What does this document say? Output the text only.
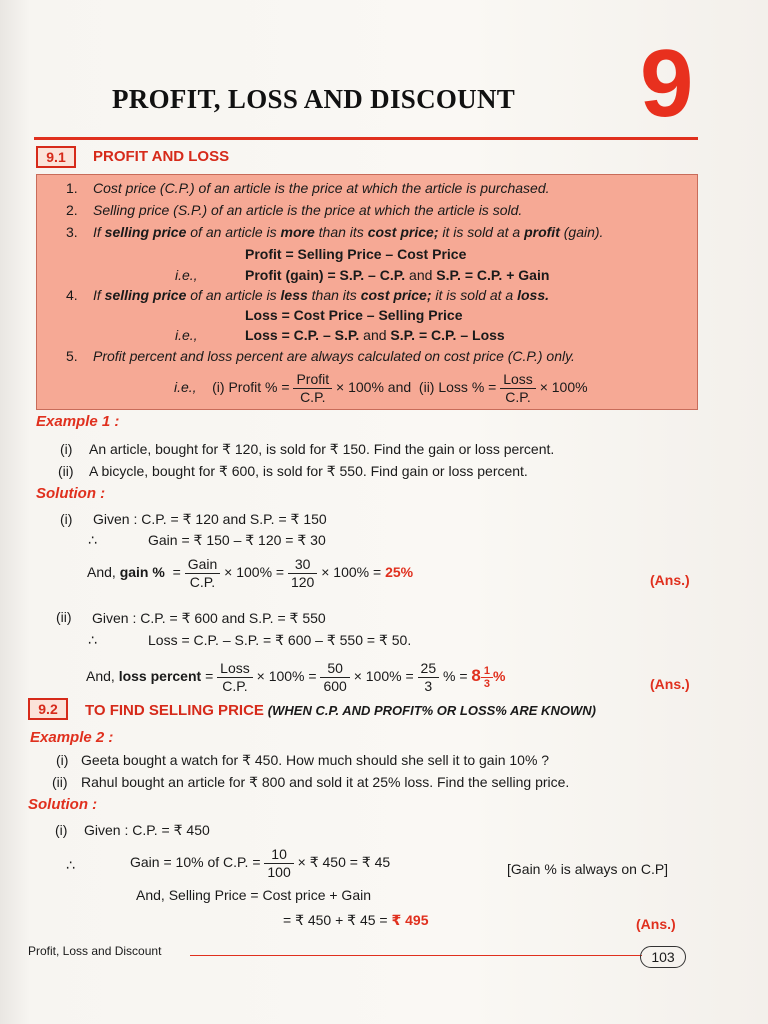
PROFIT, LOSS AND DISCOUNT 9
9.1	PROFIT AND LOSS
1. Cost price (C.P.) of an article is the price at which the article is purchased.
2. Selling price (S.P.) of an article is the price at which the article is sold.
3. If selling price of an article is more than its cost price; it is sold at a profit (gain).
Profit = Selling Price – Cost Price
i.e.,	Profit (gain) = S.P. – C.P. and S.P. = C.P. + Gain
4. If selling price of an article is less than its cost price; it is sold at a loss.
Loss = Cost Price – Selling Price
i.e.,	Loss = C.P. – S.P. and S.P. = C.P. – Loss
5. Profit percent and loss percent are always calculated on cost price (C.P.) only.
i.e., (i) Profit % = $\frac{\text{Profit}}{C.P.} \times 100\%$ and (ii) Loss % = $\frac{\text{Loss}}{C.P.} \times 100\%$
Example 1 :
(i) An article, bought for ₹ 120, is sold for ₹ 150. Find the gain or loss percent.
(ii) A bicycle, bought for ₹ 600, is sold for ₹ 550. Find gain or loss percent.
Solution :
(i) Given : C.P. = ₹ 120 and S.P. = ₹ 150
∴	Gain = ₹ 150 – ₹ 120 = ₹ 30
And, gain % = $\frac{\text{Gain}}{C.P.} \times 100\% = \frac{30}{120} \times 100\% = 25\%$	(Ans.)
(ii) Given : C.P. = ₹ 600 and S.P. = ₹ 550
∴	Loss = C.P. – S.P. = ₹ 600 – ₹ 550 = ₹ 50.
And, loss percent = $\frac{\text{Loss}}{C.P.} \times 100\% = \frac{50}{600} \times 100\% = \frac{25}{3}$ % = $8 \frac{1}{3}$ %	(Ans.)
9.2	TO FIND SELLING PRICE (WHEN C.P. AND PROFIT% OR LOSS% ARE KNOWN)
Example 2 :
(i) Geeta bought a watch for ₹ 450. How much should she sell it to gain 10% ?
(ii) Rahul bought an article for ₹ 800 and sold it at 25% loss. Find the selling price.
Solution :
(i) Given : C.P. = ₹ 450
∴	Gain = 10% of C.P. = $\frac{10}{100}$ × ₹ 450 = ₹ 45	[Gain % is always on C.P]
And, Selling Price = Cost price + Gain
= ₹ 450 + ₹ 45 = ₹ 495	(Ans.)
Profit, Loss and Discount	103
